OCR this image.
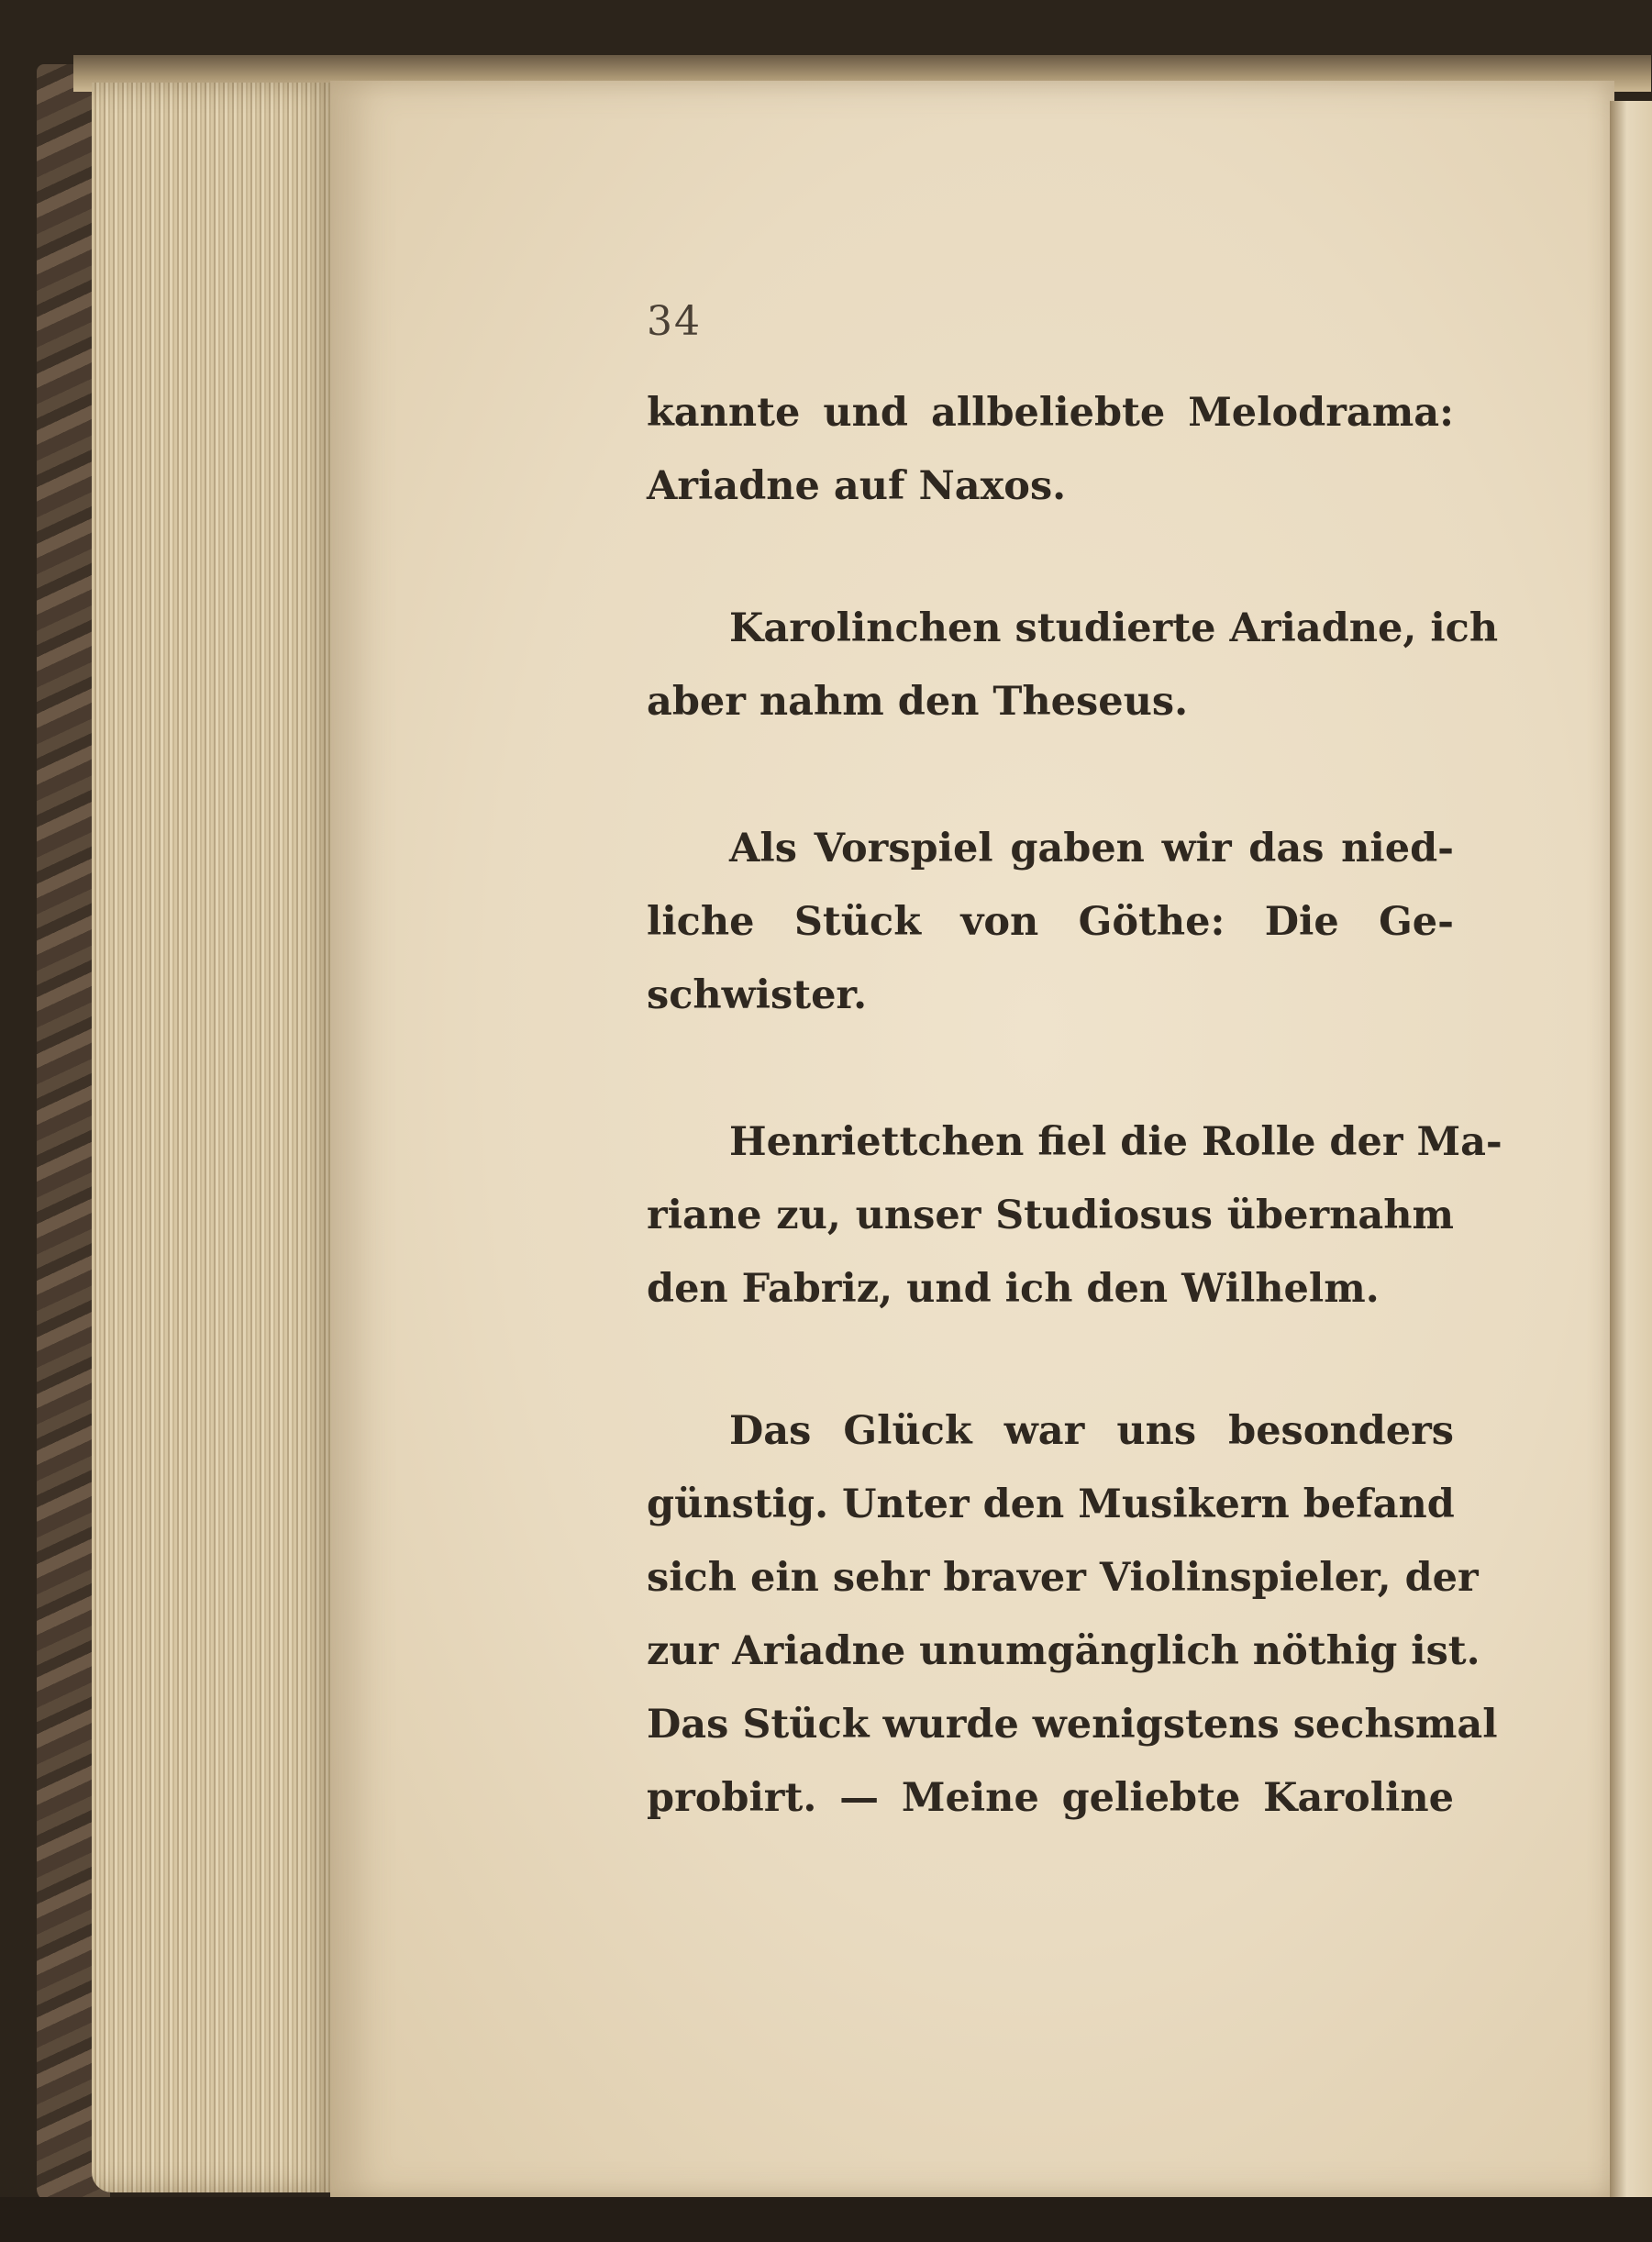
34
kannte und allbeliebte Melodrama:
Ariadne auf Naxos.
Karolinchen studierte Ariadne, ich
aber nahm den Theseus.
Als Vorspiel gaben wir das nied-
liche Stück von Göthe: Die Ge-
schwister.
Henriettchen fiel die Rolle der Ma-
riane zu, unser Studiosus übernahm
den Fabriz, und ich den Wilhelm.
Das Glück war uns besonders
günstig. Unter den Musikern befand
sich ein sehr braver Violinspieler, der
zur Ariadne unumgänglich nöthig ist.
Das Stück wurde wenigstens sechsmal
probirt. — Meine geliebte Karoline
